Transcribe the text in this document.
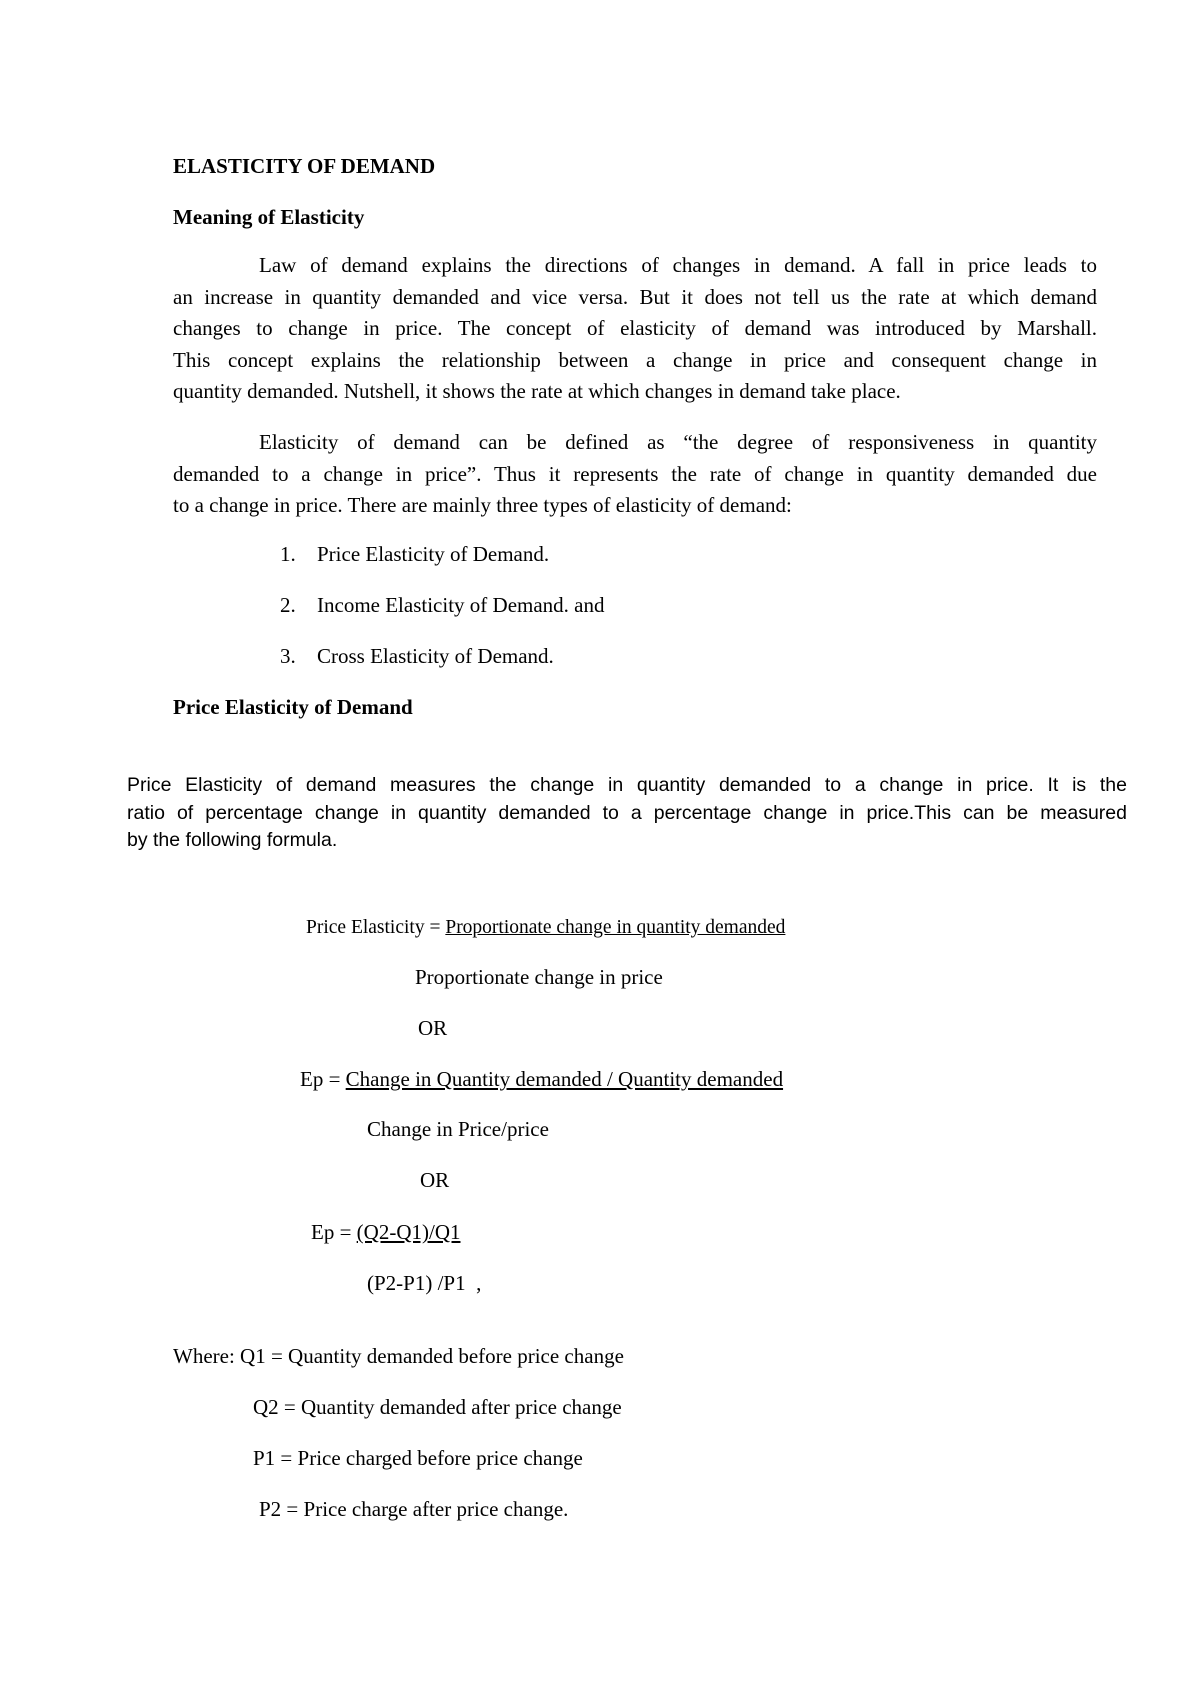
ELASTICITY OF DEMAND
Meaning of Elasticity
Law of demand explains the directions of changes in demand. A fall in price leads to
an increase in quantity demanded and vice versa. But it does not tell us the rate at which demand
changes to change in price. The concept of elasticity of demand was introduced by Marshall.
This concept explains the relationship between a change in price and consequent change in
quantity demanded. Nutshell, it shows the rate at which changes in demand take place.
Elasticity of demand can be defined as “the degree of responsiveness in quantity
demanded to a change in price”. Thus it represents the rate of change in quantity demanded due
to a change in price. There are mainly three types of elasticity of demand:
1. Price Elasticity of Demand.
2. Income Elasticity of Demand. and
3. Cross Elasticity of Demand.
Price Elasticity of Demand
Price Elasticity of demand measures the change in quantity demanded to a change in price. It is the
ratio of percentage change in quantity demanded to a percentage change in price.This can be measured
by the following formula.
Price Elasticity = Proportionate change in quantity demanded
Proportionate change in price
OR
Ep = Change in Quantity demanded / Quantity demanded
Change in Price/price
OR
Ep = (Q2-Q1)/Q1
(P2-P1) /P1  ,
Where: Q1 = Quantity demanded before price change
Q2 = Quantity demanded after price change
P1 = Price charged before price change
P2 = Price charge after price change.
